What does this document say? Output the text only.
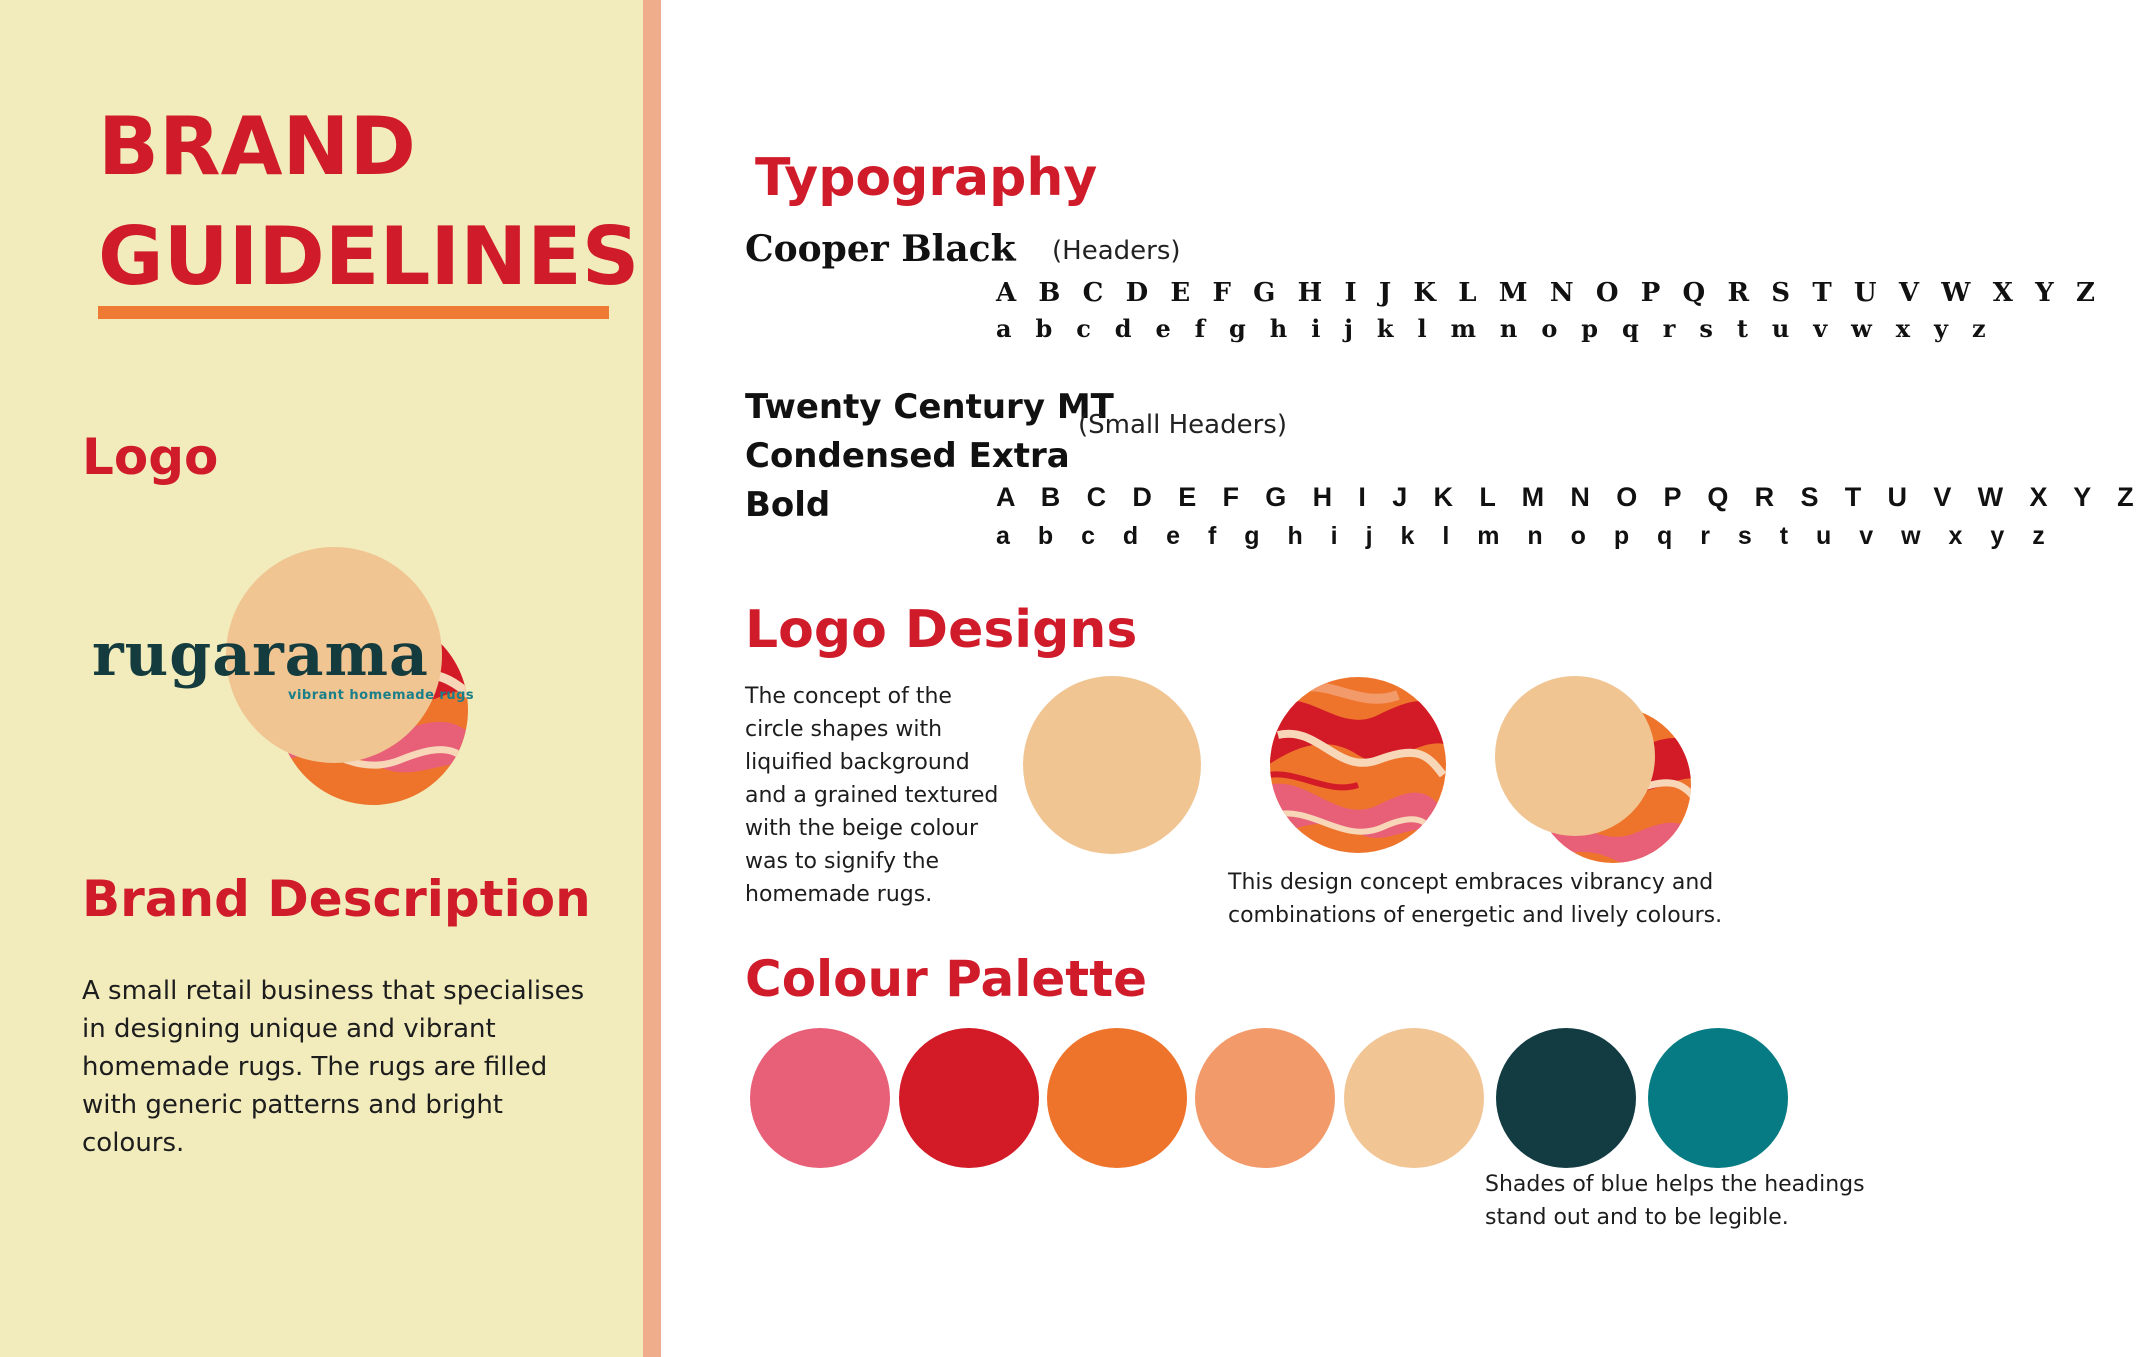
BRAND
GUIDELINES
Logo
rugarama
vibrant homemade rugs
Brand Description

A small retail business that specialises in designing unique and vibrant homemade rugs. The rugs are filled with generic patterns and bright colours.

Typography
Cooper Black (Headers)
A B C D E F G H I J K L M N O P Q R S T U V W X Y Z
a b c d e f g h i j k l m n o p q r s t u v w x y z
Twenty Century MT
Condensed Extra
Bold
(Small Headers)
A B C D E F G H I J K L M N O P Q R S T U V W X Y Z
a b c d e f g h i j k l m n o p q r s t u v w x y z
Logo Designs

The concept of the circle shapes with liquified background and a grained textured with the beige colour was to signify the homemade rugs.	This design concept embraces vibrancy and combinations of energetic and lively colours.

Colour Palette

Shades of blue helps the headings stand out and to be legible.
